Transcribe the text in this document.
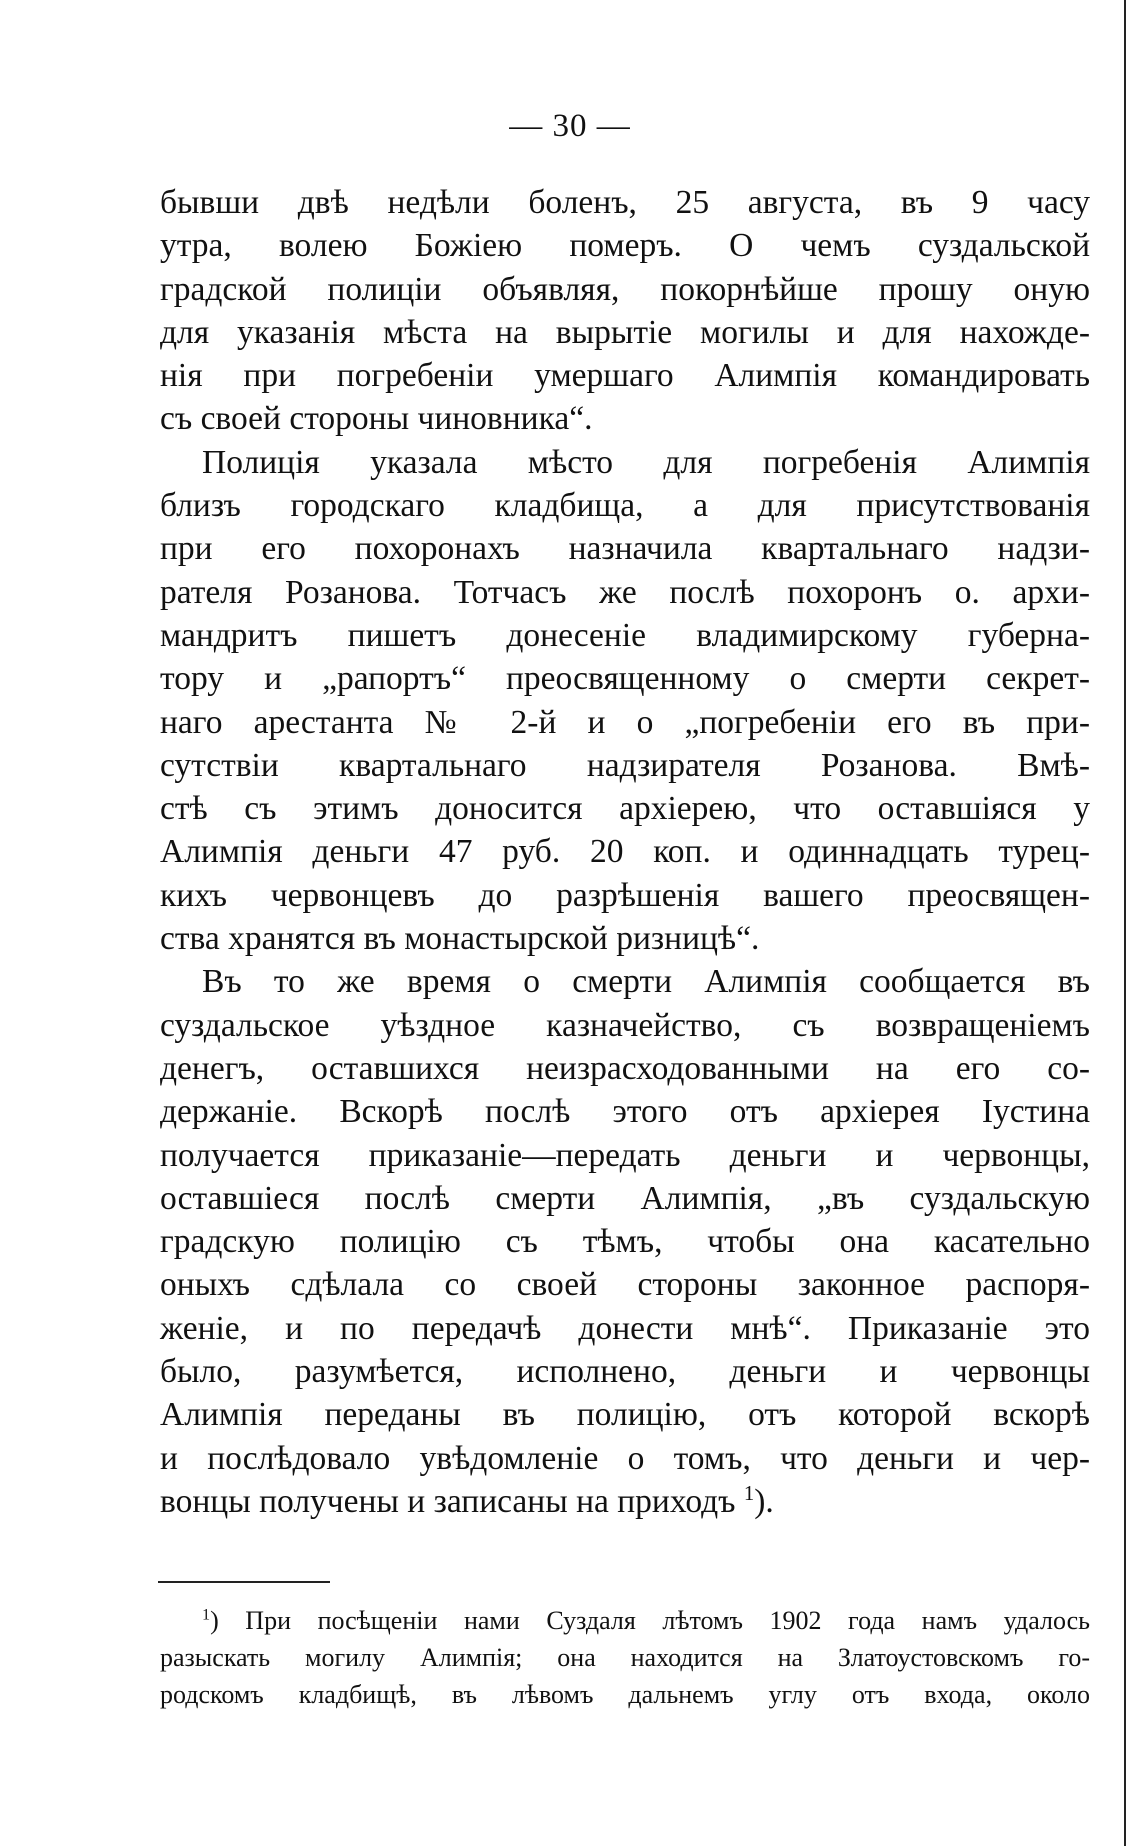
— 30 —
бывши двѣ недѣли боленъ, 25 августа, въ 9 часу
утра, волею Божіею померъ. О чемъ суздальской
градской полиціи объявляя, покорнѣйше прошу оную
для указанія мѣста на вырытіе могилы и для нахожде-
нія при погребеніи умершаго Алимпія командировать
съ своей стороны чиновника“.
Полиція указала мѣсто для погребенія Алимпія
близъ городскаго кладбища, а для присутствованія
при его похоронахъ назначила квартальнаго надзи-
рателя Розанова. Тотчасъ же послѣ похоронъ о. архи-
мандритъ пишетъ донесеніе владимирскому губерна-
тору и „рапортъ“ преосвященному о смерти секрет-
наго арестанта № 2-й и о „погребеніи его въ при-
сутствіи квартальнаго надзирателя Розанова. Вмѣ-
стѣ съ этимъ доносится архіерею, что оставшіяся у
Алимпія деньги 47 руб. 20 коп. и одиннадцать турец-
кихъ червонцевъ до разрѣшенія вашего преосвящен-
ства хранятся въ монастырской ризницѣ“.
Въ то же время о смерти Алимпія сообщается въ
суздальское уѣздное казначейство, съ возвращеніемъ
денегъ, оставшихся неизрасходованными на его со-
держаніе. Вскорѣ послѣ этого отъ архіерея Іустина
получается приказаніе—передать деньги и червонцы,
оставшіеся послѣ смерти Алимпія, „въ суздальскую
градскую полицію съ тѣмъ, чтобы она касательно
оныхъ сдѣлала со своей стороны законное распоря-
женіе, и по передачѣ донести мнѣ“. Приказаніе это
было, разумѣется, исполнено, деньги и червонцы
Алимпія переданы въ полицію, отъ которой вскорѣ
и послѣдовало увѣдомленіе о томъ, что деньги и чер-
вонцы получены и записаны на приходъ $^1$).
$^1$) При посѣщеніи нами Суздаля лѣтомъ 1902 года намъ удалось
разыскать могилу Алимпія; она находится на Златоустовскомъ го-
родскомъ кладбищѣ, въ лѣвомъ дальнемъ углу отъ входа, около
